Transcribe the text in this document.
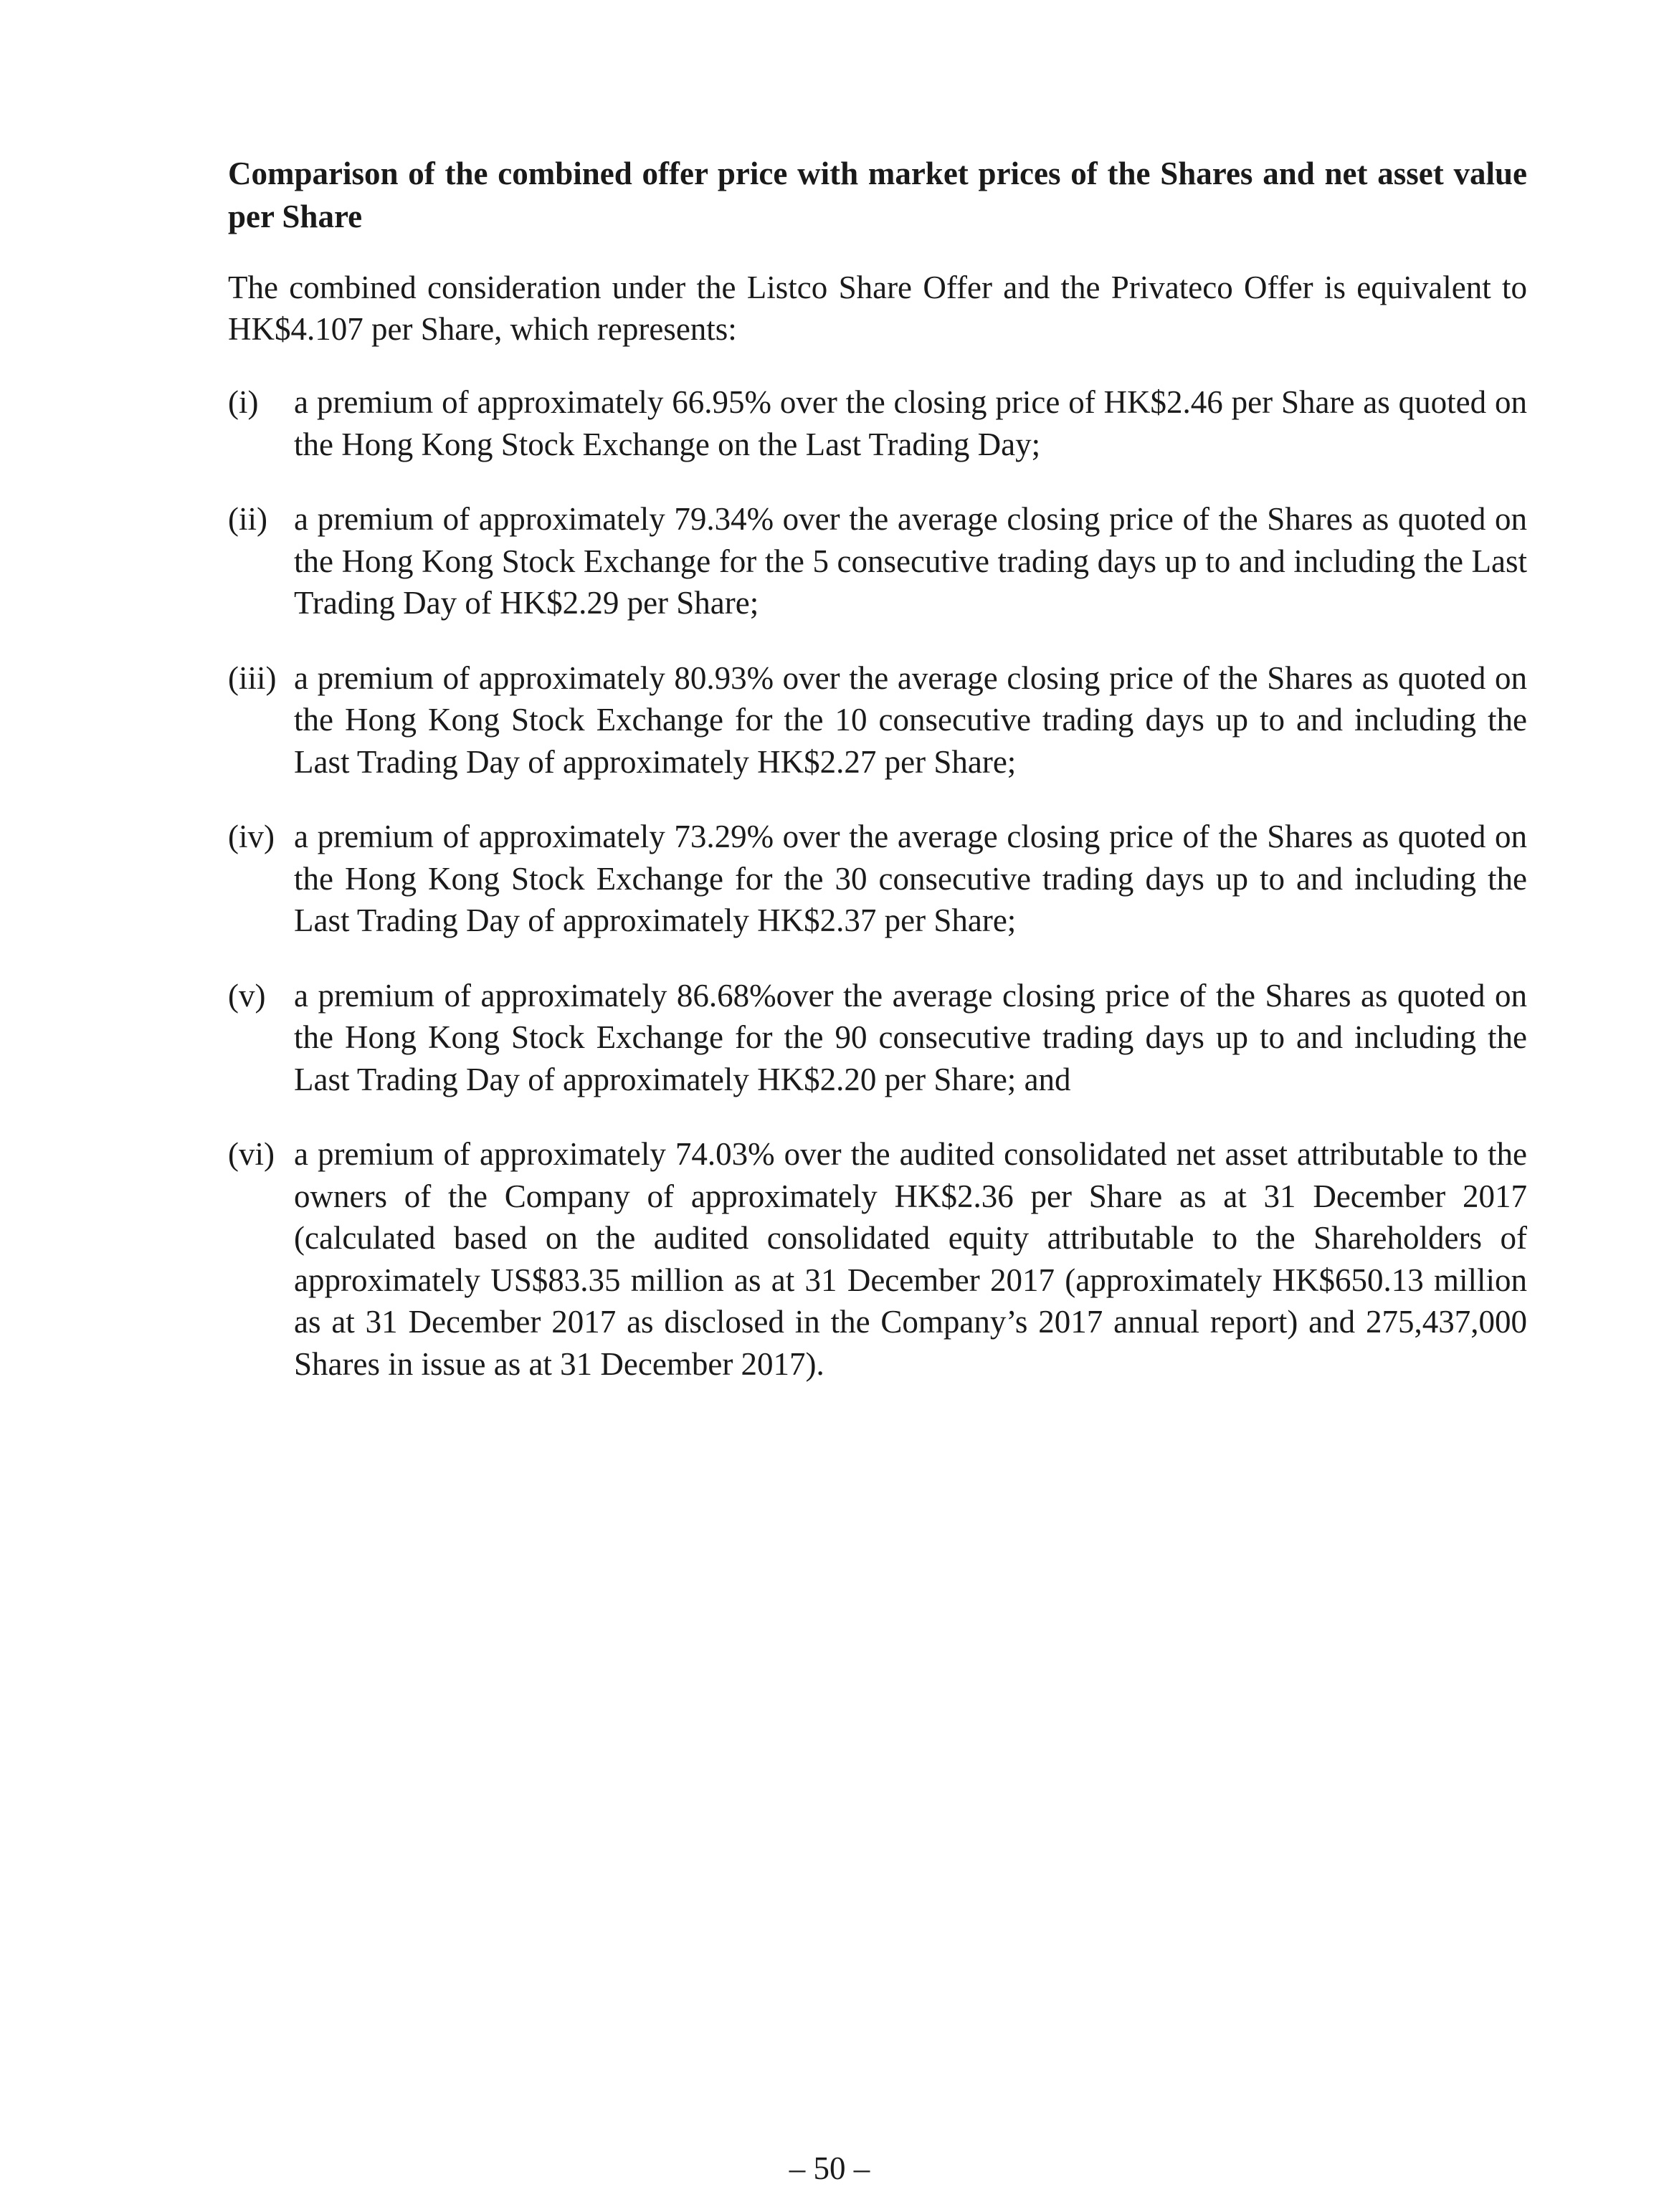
Comparison of the combined offer price with market prices of the Shares and net asset value per Share

The combined consideration under the Listco Share Offer and the Privateco Offer is equivalent to HK$4.107 per Share, which represents:

(i)	a premium of approximately 66.95% over the closing price of HK$2.46 per Share as quoted on the Hong Kong Stock Exchange on the Last Trading Day;
(ii) a premium of approximately 79.34% over the average closing price of the Shares as quoted on the Hong Kong Stock Exchange for the 5 consecutive trading days up to and including the Last Trading Day of HK$2.29 per Share;
(iii) a premium of approximately 80.93% over the average closing price of the Shares as quoted on the Hong Kong Stock Exchange for the 10 consecutive trading days up to and including the Last Trading Day of approximately HK$2.27 per Share;
(iv) a premium of approximately 73.29% over the average closing price of the Shares as quoted on the Hong Kong Stock Exchange for the 30 consecutive trading days up to and including the Last Trading Day of approximately HK$2.37 per Share;
(v) a premium of approximately 86.68%over the average closing price of the Shares as quoted on the Hong Kong Stock Exchange for the 90 consecutive trading days up to and including the Last Trading Day of approximately HK$2.20 per Share; and
(vi) a premium of approximately 74.03% over the audited consolidated net asset attributable to the owners of the Company of approximately HK$2.36 per Share as at 31 December 2017 (calculated based on the audited consolidated equity attributable to the Shareholders of approximately US$83.35 million as at 31 December 2017 (approximately HK$650.13 million as at 31 December 2017 as disclosed in the Company’s 2017 annual report) and 275,437,000 Shares in issue as at 31 December 2017).
– 50 –
